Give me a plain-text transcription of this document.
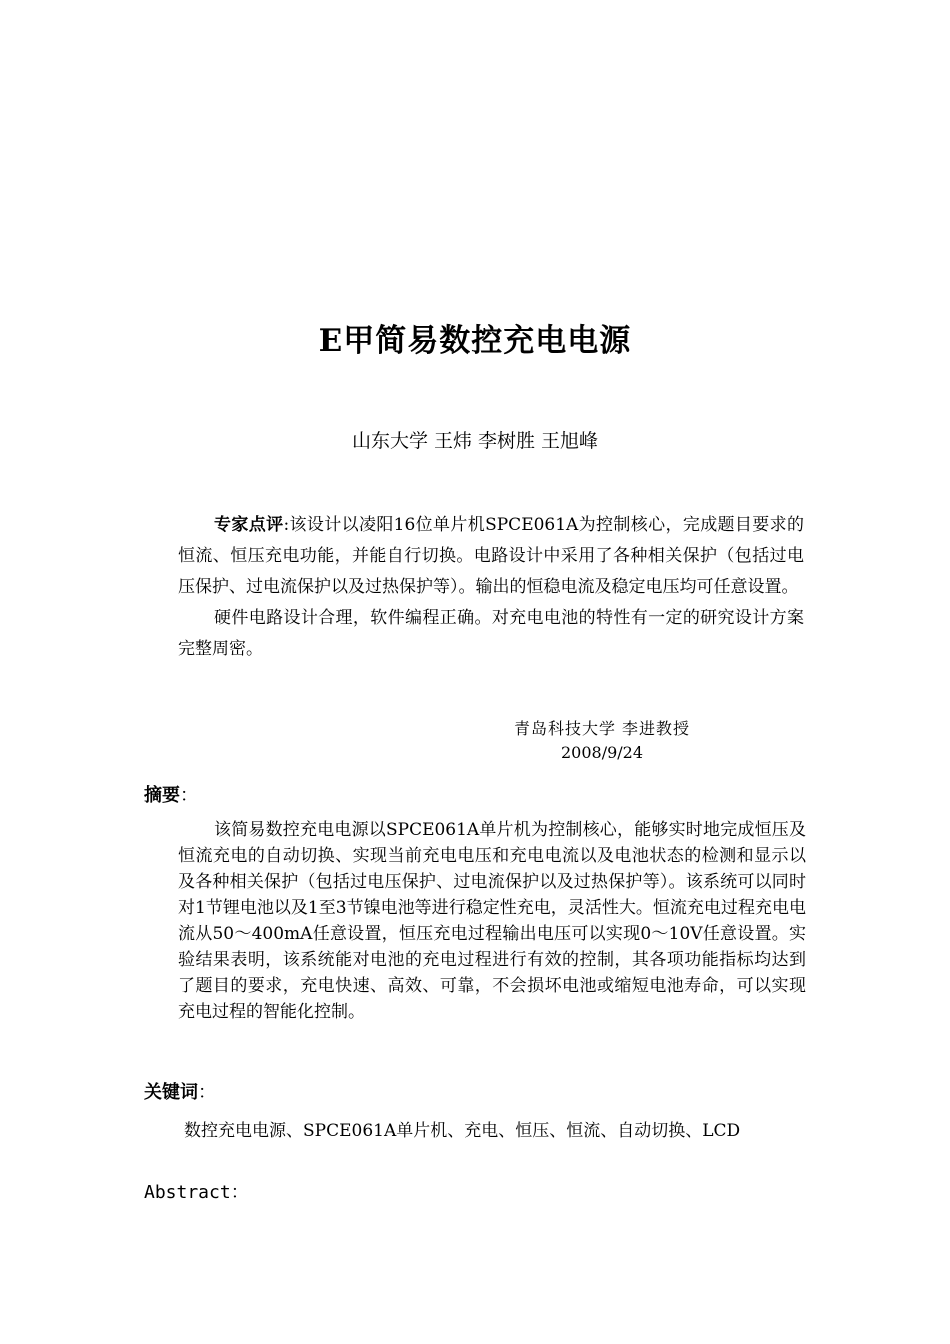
E甲简易数控充电电源
山东大学 王炜 李树胜 王旭峰

专家点评:该设计以凌阳16位单片机SPCE061A为控制核心，完成题目要求的恒流、恒压充电功能，并能自行切换。电路设计中采用了各种相关保护（包括过电压保护、过电流保护以及过热保护等）。输出的恒稳电流及稳定电压均可任意设置。

硬件电路设计合理，软件编程正确。对充电电池的特性有一定的研究设计方案完整周密。

青岛科技大学 李进教授
2008/9/24
摘要：

该简易数控充电电源以SPCE061A单片机为控制核心，能够实时地完成恒压及恒流充电的自动切换、实现当前充电电压和充电电流以及电池状态的检测和显示以及各种相关保护（包括过电压保护、过电流保护以及过热保护等）。该系统可以同时对1节锂电池以及1至3节镍电池等进行稳定性充电，灵活性大。恒流充电过程充电电流从50～400mA任意设置，恒压充电过程输出电压可以实现0～10V任意设置。实验结果表明，该系统能对电池的充电过程进行有效的控制，其各项功能指标均达到了题目的要求，充电快速、高效、可靠，不会损坏电池或缩短电池寿命，可以实现充电过程的智能化控制。

关键词：
数控充电电源、SPCE061A单片机、充电、恒压、恒流、自动切换、LCD
Abstract：
